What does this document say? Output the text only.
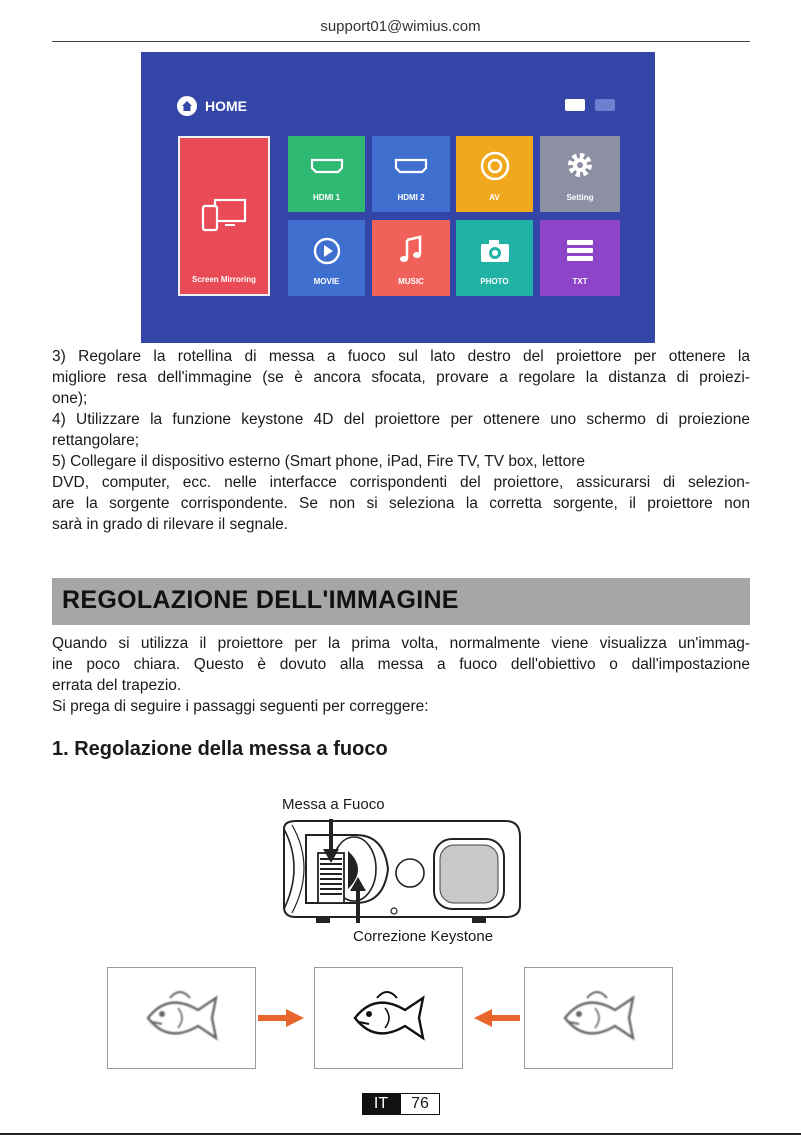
support01@wimius.com
HOME
Screen Mirroring
HDMI 1	HDMI 2	AV	Setting
MOVIE	MUSIC	PHOTO	TXT

3) Regolare la rotellina di messa a fuoco sul lato destro del proiettore per ottenere la

migliore resa dell'immagine (se è ancora sfocata, provare a regolare la distanza di proiezi-

one);

4) Utilizzare la funzione keystone 4D del proiettore per ottenere uno schermo di proiezione

rettangolare;

5) Collegare il dispositivo esterno (Smart phone, iPad, Fire TV, TV box, lettore

DVD, computer, ecc. nelle interfacce corrispondenti del proiettore, assicurarsi di selezion-

are la sorgente corrispondente. Se non si seleziona la corretta sorgente, il proiettore non

sarà in grado di rilevare il segnale.

REGOLAZIONE DELL'IMMAGINE

Quando si utilizza il proiettore per la prima volta, normalmente viene visualizza un'immag-

ine poco chiara. Questo è dovuto alla messa a fuoco dell'obiettivo o dall'impostazione

errata del trapezio.

Si prega di seguire i passaggi seguenti per correggere:

1. Regolazione della messa a fuoco
Messa a Fuoco
Correzione Keystone
IT	76
